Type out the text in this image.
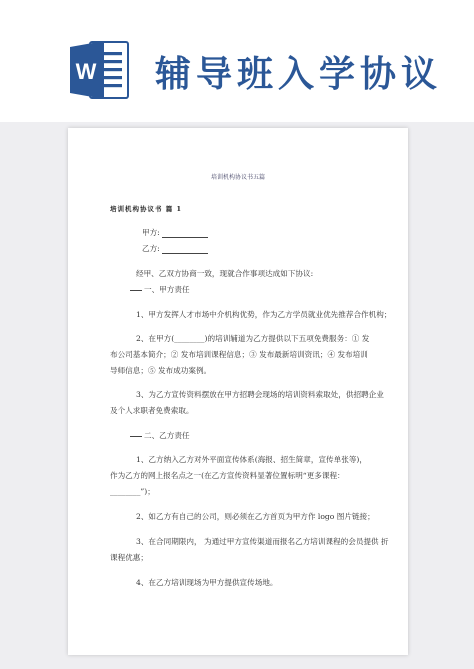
W 辅导班入学协议
培训机构协议书五篇
培训机构协议书 篇 1
甲方:
乙方:
经甲、乙双方协商一致，现就合作事项达成如下协议:
一、甲方责任
1、甲方发挥人才市场中介机构优势，作为乙方学员就业优先推荐合作机构；
2、在甲方(________)的培训辅道为乙方提供以下五项免费服务：① 发
布公司基本简介；② 发布培训课程信息；③ 发布最新培训资讯；④ 发布培训
导师信息；⑤ 发布成功案例。
3、为乙方宣传资料摆放在甲方招聘会现场的培训资料索取处，供招聘企业
及个人求职者免费索取。
二、乙方责任
1、乙方纳入乙方对外平面宣传体系(海报、招生简章，宣传单张等)，
作为乙方的网上报名点之一(在乙方宣传资料显著位置标明“更多课程：
________”)；
2、如乙方有自己的公司，则必须在乙方首页为甲方作 logo 图片链接；
3、在合同期限内， 为通过甲方宣传渠道而报名乙方培训课程的会员提供 折
课程优惠；
4、在乙方培训现场为甲方提供宣传场地。
